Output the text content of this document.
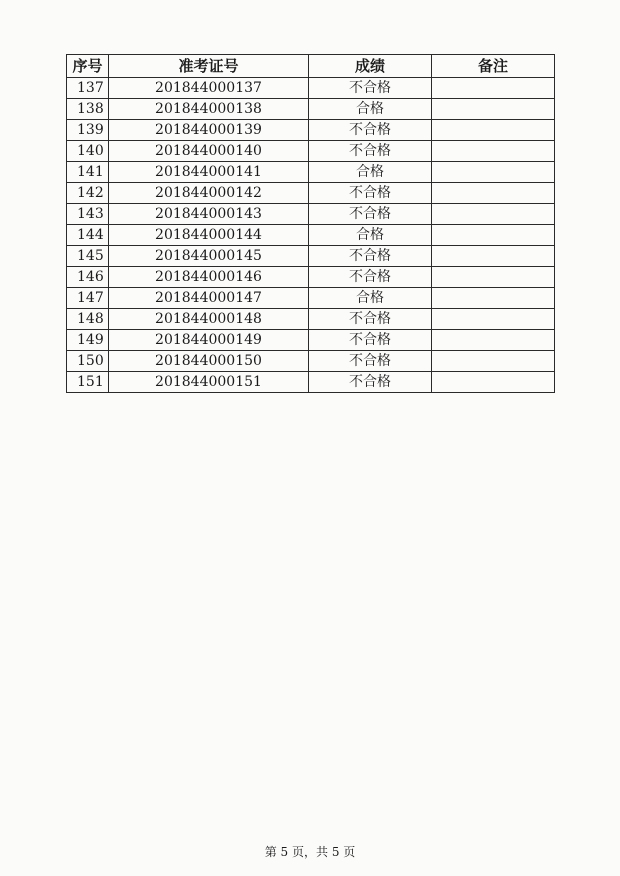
序号	准考证号	成绩	备注
137	201844000137	不合格	
138	201844000138	合格	
139	201844000139	不合格	
140	201844000140	不合格	
141	201844000141	合格	
142	201844000142	不合格	
143	201844000143	不合格	
144	201844000144	合格	
145	201844000145	不合格	
146	201844000146	不合格	
147	201844000147	合格	
148	201844000148	不合格	
149	201844000149	不合格	
150	201844000150	不合格	
151	201844000151	不合格	
第 5 页，共 5 页
